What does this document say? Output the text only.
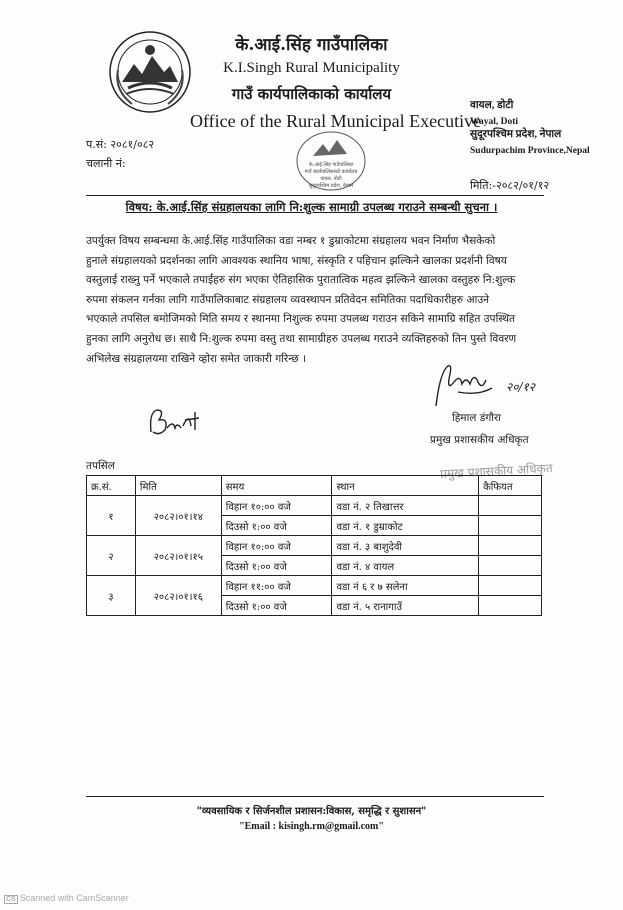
के.आई.सिंह गाउँपालिका
K.I.Singh Rural Municipality
गाउँ कार्यपालिकाको कार्यालय
Office of the Rural Municipal Executive
वायल, डोटी
Wayal, Doti
सुदूरपश्चिम प्रदेश, नेपाल
Sudurpachim Province,Nepal
प.सं: २०८१/०८२
चलानी नं:	के.आई.सिंह गाउँपालिका
गाउँ कार्यपालिकाको कार्यालय
वायल, डोटी
सुदूरपश्चिम प्रदेश, नेपाल	मिति:-२०८२/०१/१२
विषय: के.आई.सिंह संग्रहालयका लागि नि:शुल्क सामाग्री उपलब्ध गराउने सम्बन्धी सुचना ।
उपर्युक्त विषय सम्बन्धमा के.आई.सिंह गाउँपालिका वडा नम्बर १ डुम्राकोटमा संग्रहालय भवन निर्माण भैसकेको
हुनाले संग्रहालयको प्रदर्शनका लागि आवश्यक स्थानिय भाषा, संस्कृति र पहिचान झल्किने खालका प्रदर्शनी विषय
वस्तुलाई राख्नु पर्ने भएकाले तपाईंहरु संग भएका ऐतिहासिक पुरातात्विक महत्व झल्किने खालका वस्तुहरु नि:शुल्क
रुपमा संकलन गर्नका लागि गाउँपालिकाबाट संग्रहालय व्यवस्थापन प्रतिवेदन समितिका पदाधिकारीहरु आउने
भएकाले तपसिल बमोजिमको मिति समय र स्थानमा निशुल्क रुपमा उपलब्ध गराउन सकिने सामाग्रि सहित उपस्थित
हुनका लागि अनुरोध छ। साथै नि:शुल्क रुपमा वस्तु तथा सामाग्रीहरु उपलब्ध गराउने व्यक्तिहरुको तिन पुस्ते विवरण
अभिलेख संग्रहालयमा राखिने व्होरा समेत जाकारी गरिन्छ ।
२०/१२
हिमाल डंगौरा
प्रमुख प्रशासकीय अधिकृत
प्रमुख प्रशासकीय अधिकृत
तपसिल
क्र.सं.	मिति	समय	स्थान	कैफियत
१	२०८२।०१।१४	विहान १०:०० वजे	वडा नं. २ तिखात्तर	
		दिउसो १:०० वजे	वडा नं. १ डुम्राकोट	
२	२०८२।०१।१५	विहान १०:०० वजे	वडा नं. ३ बाशुदेवी	
		दिउसो १:०० वजे	वडा नं. ४ वायल	
३	२०८२।०१।१६	विहान ११:०० वजे	वडा नं ६ र ७ सलेना	
		दिउसो १:०० वजे	वडा नं. ५ रानागाउँ	
"व्यवसायिक र सिर्जनशील प्रशासन:विकास, समृद्धि र सुशासन"
"Email : kisingh.rm@gmail.com"
CS Scanned with CamScanner
